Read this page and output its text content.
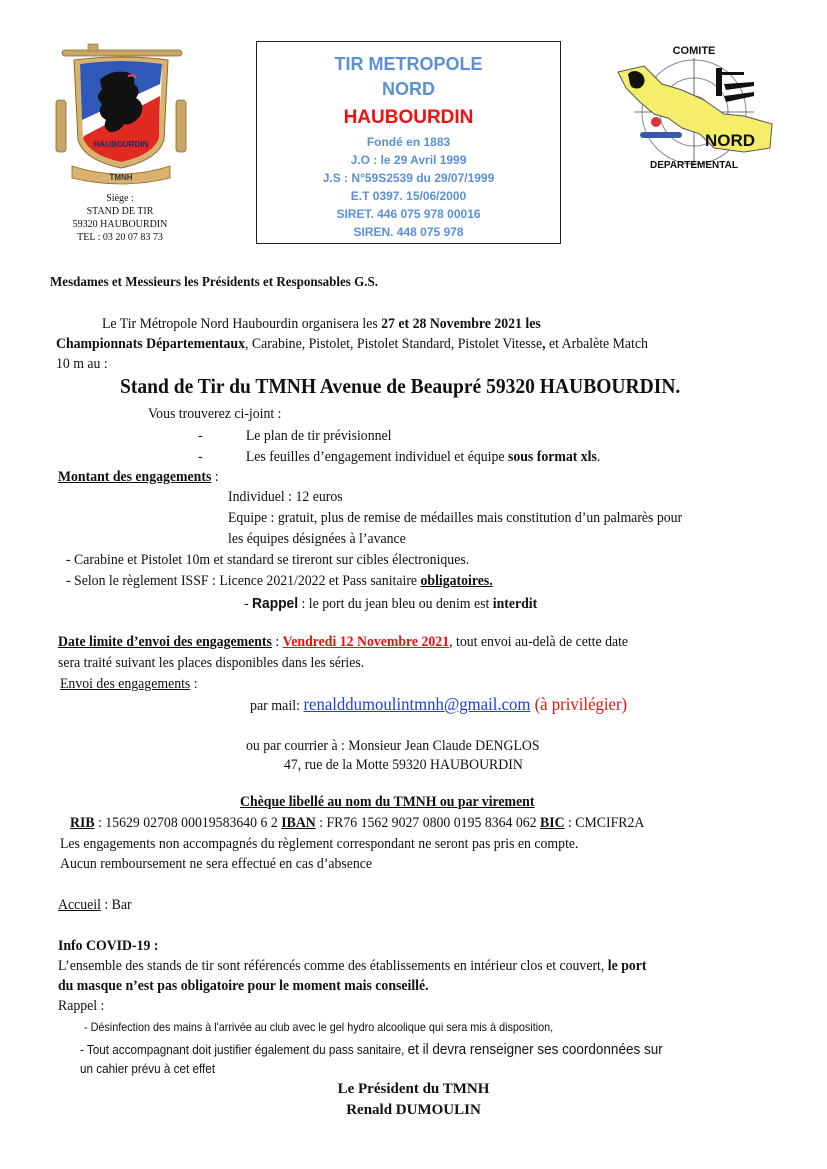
HAUBOURDIN
TMNH
Siège :
STAND DE TIR
59320 HAUBOURDIN
TEL : 03 20 07 83 73
TIR METROPOLE
NORD
HAUBOURDIN
Fondé en 1883
J.O : le 29 Avril 1999
J.S : N°59S2539 du 29/07/1999
E.T 0397. 15/06/2000
SIRET. 446 075 978 00016
SIREN. 448 075 978
COMITE
NORD
DEPARTEMENTAL
Mesdames et Messieurs les Présidents et Responsables G.S.
Le Tir Métropole Nord Haubourdin organisera les 27 et 28 Novembre 2021 les
Championnats Départementaux, Carabine, Pistolet, Pistolet Standard, Pistolet Vitesse, et Arbalète Match
10 m au :
Stand de Tir du TMNH Avenue de Beaupré 59320 HAUBOURDIN.
Vous trouverez ci-joint :
-	Le plan de tir prévisionnel
-	Les feuilles d’engagement individuel et équipe sous format xls.
Montant des engagements :
Individuel : 12 euros
Equipe : gratuit, plus de remise de médailles mais constitution d’un palmarès pour
les équipes désignées à l’avance
- Carabine et Pistolet 10m et standard se tireront sur cibles électroniques.
- Selon le règlement ISSF : Licence 2021/2022 et Pass sanitaire obligatoires.
- Rappel : le port du jean bleu ou denim est interdit
Date limite d’envoi des engagements : Vendredi 12 Novembre 2021, tout envoi au-delà de cette date
sera traité suivant les places disponibles dans les séries.
Envoi des engagements :
par mail: renalddumoulintmnh@gmail.com (à privilégier)
ou par courrier à : Monsieur Jean Claude DENGLOS
47, rue de la Motte 59320 HAUBOURDIN
Chèque libellé au nom du TMNH ou par virement
RIB : 15629 02708 00019583640 6 2 IBAN : FR76 1562 9027 0800 0195 8364 062 BIC : CMCIFR2A
Les engagements non accompagnés du règlement correspondant ne seront pas pris en compte.
Aucun remboursement ne sera effectué en cas d’absence
Accueil : Bar
Info COVID-19 :
L’ensemble des stands de tir sont référencés comme des établissements en intérieur clos et couvert, le port
du masque n’est pas obligatoire pour le moment mais conseillé.
Rappel :
- Désinfection des mains à l'arrivée au club avec le gel hydro alcoolique qui sera mis à disposition,
- Tout accompagnant doit justifier également du pass sanitaire, et il devra renseigner ses coordonnées sur
un cahier prévu à cet effet
Le Président du TMNH
Renald DUMOULIN
